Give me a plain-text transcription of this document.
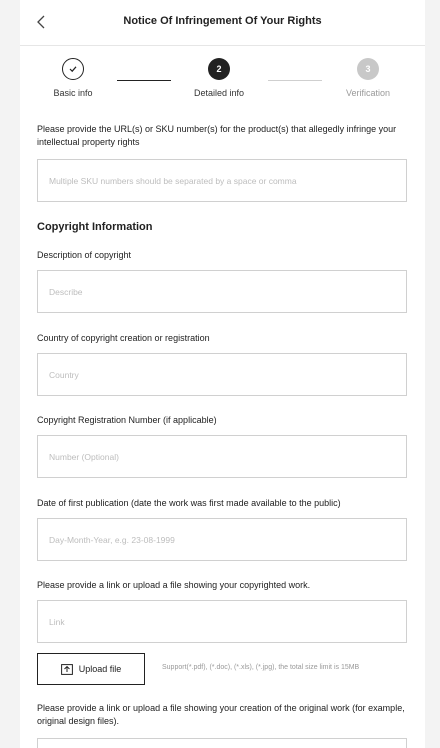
Notice Of Infringement Of Your Rights
Basic info
2
Detailed info
3
Verification
Please provide the URL(s) or SKU number(s) for the product(s) that allegedly infringe your intellectual property rights
Multiple SKU numbers should be separated by a space or comma
Copyright Information
Description of copyright
Describe
Country of copyright creation or registration
Country
Copyright Registration Number (if applicable)
Number (Optional)
Date of first publication (date the work was first made available to the public)
Day-Month-Year, e.g. 23-08-1999
Please provide a link or upload a file showing your copyrighted work.
Link
Upload file	Support(*.pdf), (*.doc), (*.xls), (*.jpg), the total size limit is 15MB
Please provide a link or upload a file showing your creation of the original work (for example, original design files).
